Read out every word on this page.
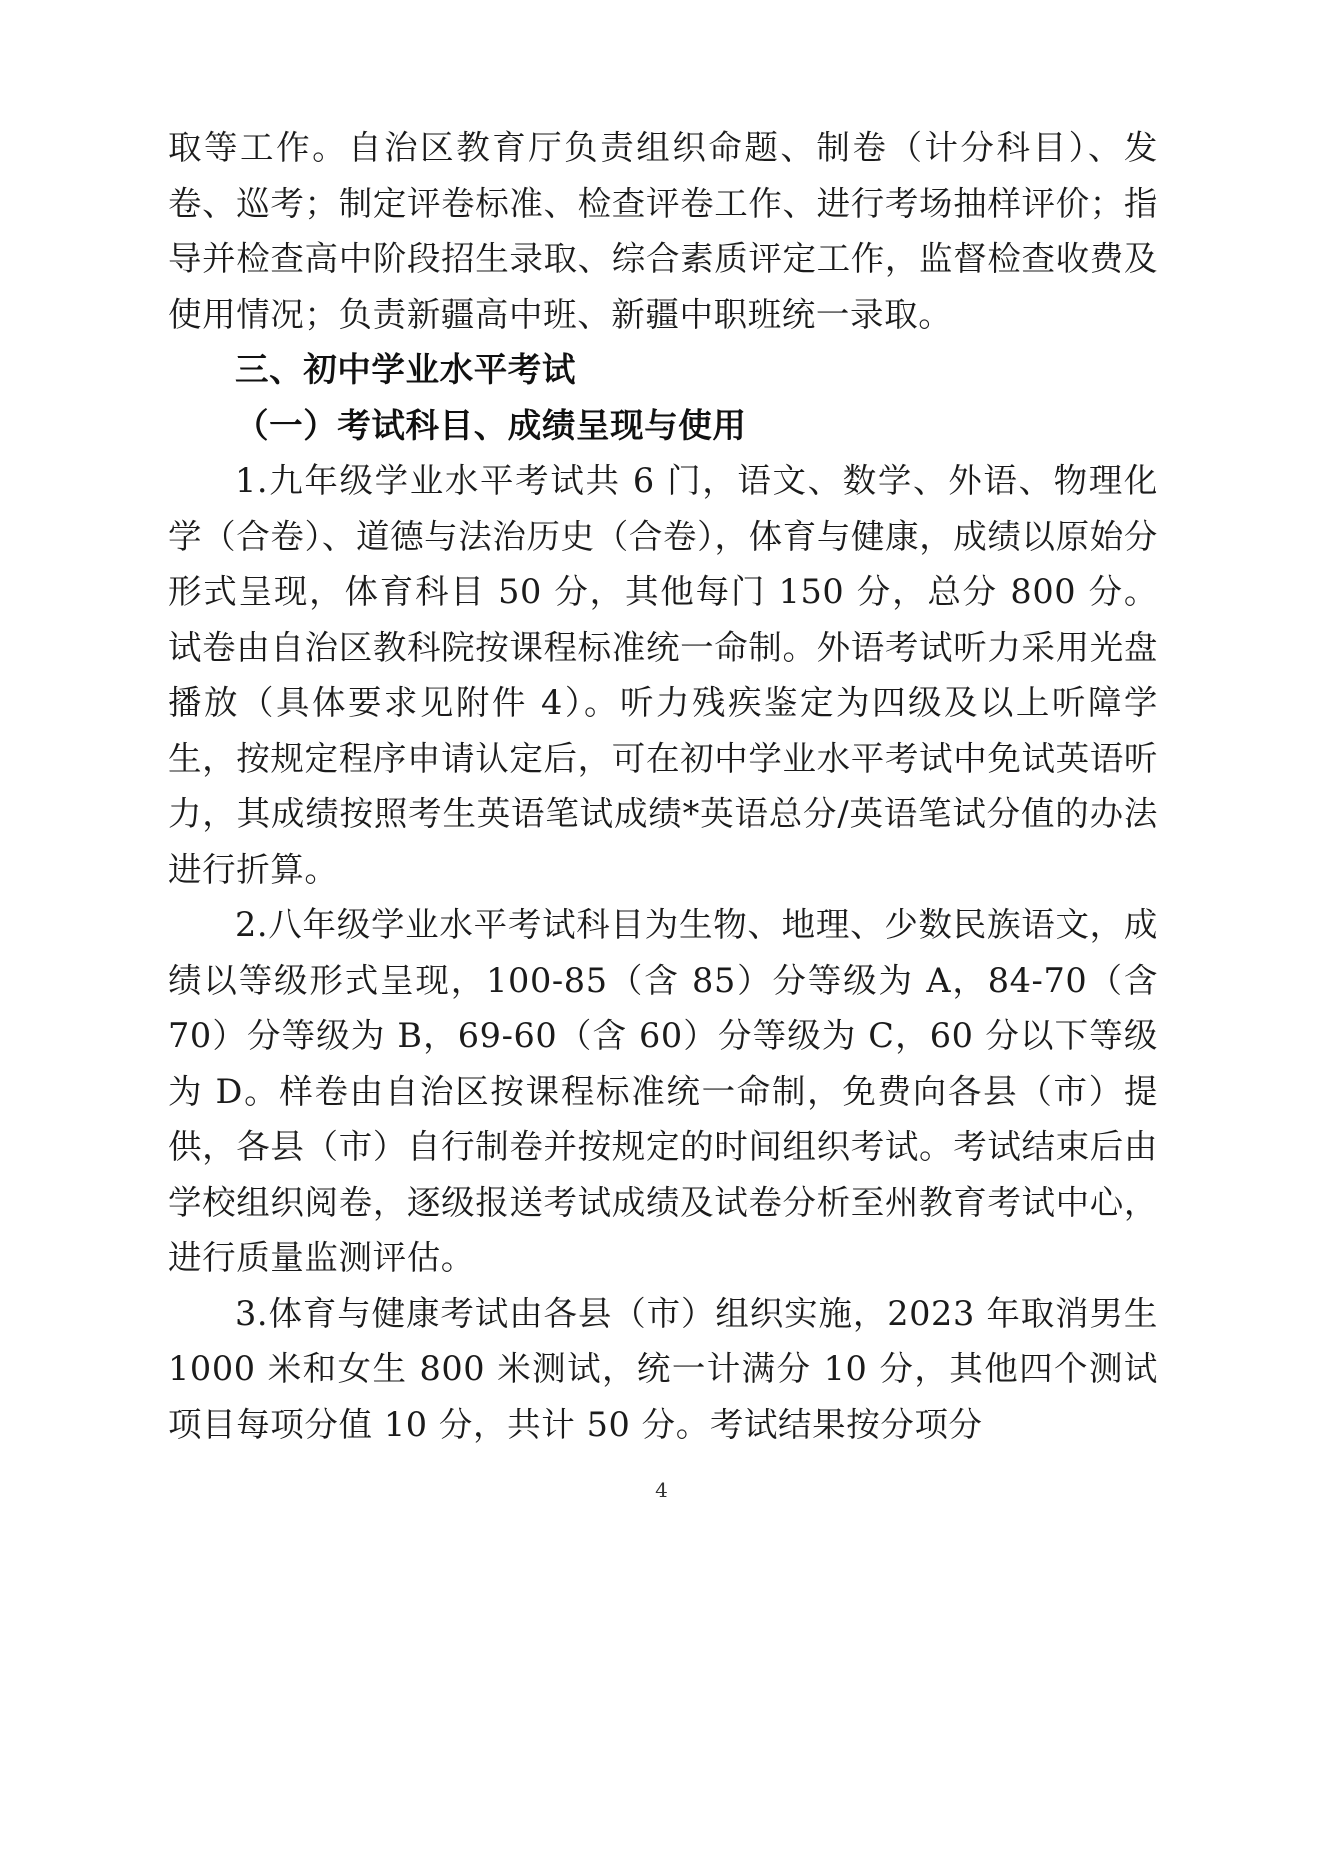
取等工作。自治区教育厅负责组织命题、制卷（计分科目）、发卷、巡考；制定评卷标准、检查评卷工作、进行考场抽样评价；指导并检查高中阶段招生录取、综合素质评定工作，监督检查收费及使用情况；负责新疆高中班、新疆中职班统一录取。

三、初中学业水平考试

（一）考试科目、成绩呈现与使用

1.九年级学业水平考试共 6 门，语文、数学、外语、物理化学（合卷）、道德与法治历史（合卷），体育与健康，成绩以原始分形式呈现，体育科目 50 分，其他每门 150 分，总分 800 分。试卷由自治区教科院按课程标准统一命制。外语考试听力采用光盘播放（具体要求见附件 4）。听力残疾鉴定为四级及以上听障学生，按规定程序申请认定后，可在初中学业水平考试中免试英语听力，其成绩按照考生英语笔试成绩*英语总分/英语笔试分值的办法进行折算。

2.八年级学业水平考试科目为生物、地理、少数民族语文，成绩以等级形式呈现，100-85（含 85）分等级为 A，84-70（含 70）分等级为 B，69-60（含 60）分等级为 C，60 分以下等级为 D。样卷由自治区按课程标准统一命制，免费向各县（市）提供，各县（市）自行制卷并按规定的时间组织考试。考试结束后由学校组织阅卷，逐级报送考试成绩及试卷分析至州教育考试中心，进行质量监测评估。

3.体育与健康考试由各县（市）组织实施，2023 年取消男生 1000 米和女生 800 米测试，统一计满分 10 分，其他四个测试项目每项分值 10 分，共计 50 分。考试结果按分项分

4
